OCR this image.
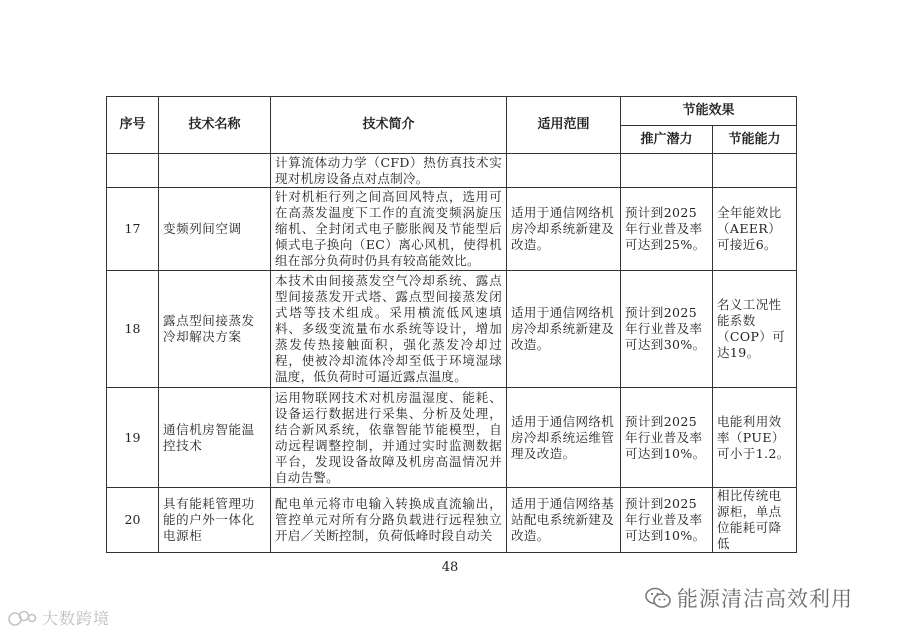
序号	技术名称	技术简介	适用范围	节能效果	
				推广潜力	节能能力
		计算流体动力学（CFD）热仿真技术实现对机房设备点对点制冷。			
17	变频列间空调	针对机柜行列之间高回风特点，选用可在高蒸发温度下工作的直流变频涡旋压缩机、全封闭式电子膨胀阀及节能型后倾式电子换向（EC）离心风机，使得机组在部分负荷时仍具有较高能效比。	适用于通信网络机房冷却系统新建及改造。	预计到2025年行业普及率可达到25%。	全年能效比（AEER）可接近6。
18	露点型间接蒸发冷却解决方案	本技术由间接蒸发空气冷却系统、露点型间接蒸发开式塔、露点型间接蒸发闭式塔等技术组成。采用横流低风速填料、多级变流量布水系统等设计，增加蒸发传热接触面积，强化蒸发冷却过程，使被冷却流体冷却至低于环境湿球温度，低负荷时可逼近露点温度。	适用于通信网络机房冷却系统新建及改造。	预计到2025年行业普及率可达到30%。	名义工况性能系数（COP）可达19。
19	通信机房智能温控技术	运用物联网技术对机房温湿度、能耗、设备运行数据进行采集、分析及处理，结合新风系统，依靠智能节能模型，自动远程调整控制，并通过实时监测数据平台，发现设备故障及机房高温情况并自动告警。	适用于通信网络机房冷却系统运维管理及改造。	预计到2025年行业普及率可达到10%。	电能利用效率（PUE）可小于1.2。
20	具有能耗管理功能的户外一体化电源柜	配电单元将市电输入转换成直流输出，管控单元对所有分路负载进行远程独立开启／关断控制，负荷低峰时段自动关	适用于通信网络基站配电系统新建及改造。	预计到2025年行业普及率可达到10%。	相比传统电源柜，单点位能耗可降低
48
能源清洁高效利用
大数跨境
